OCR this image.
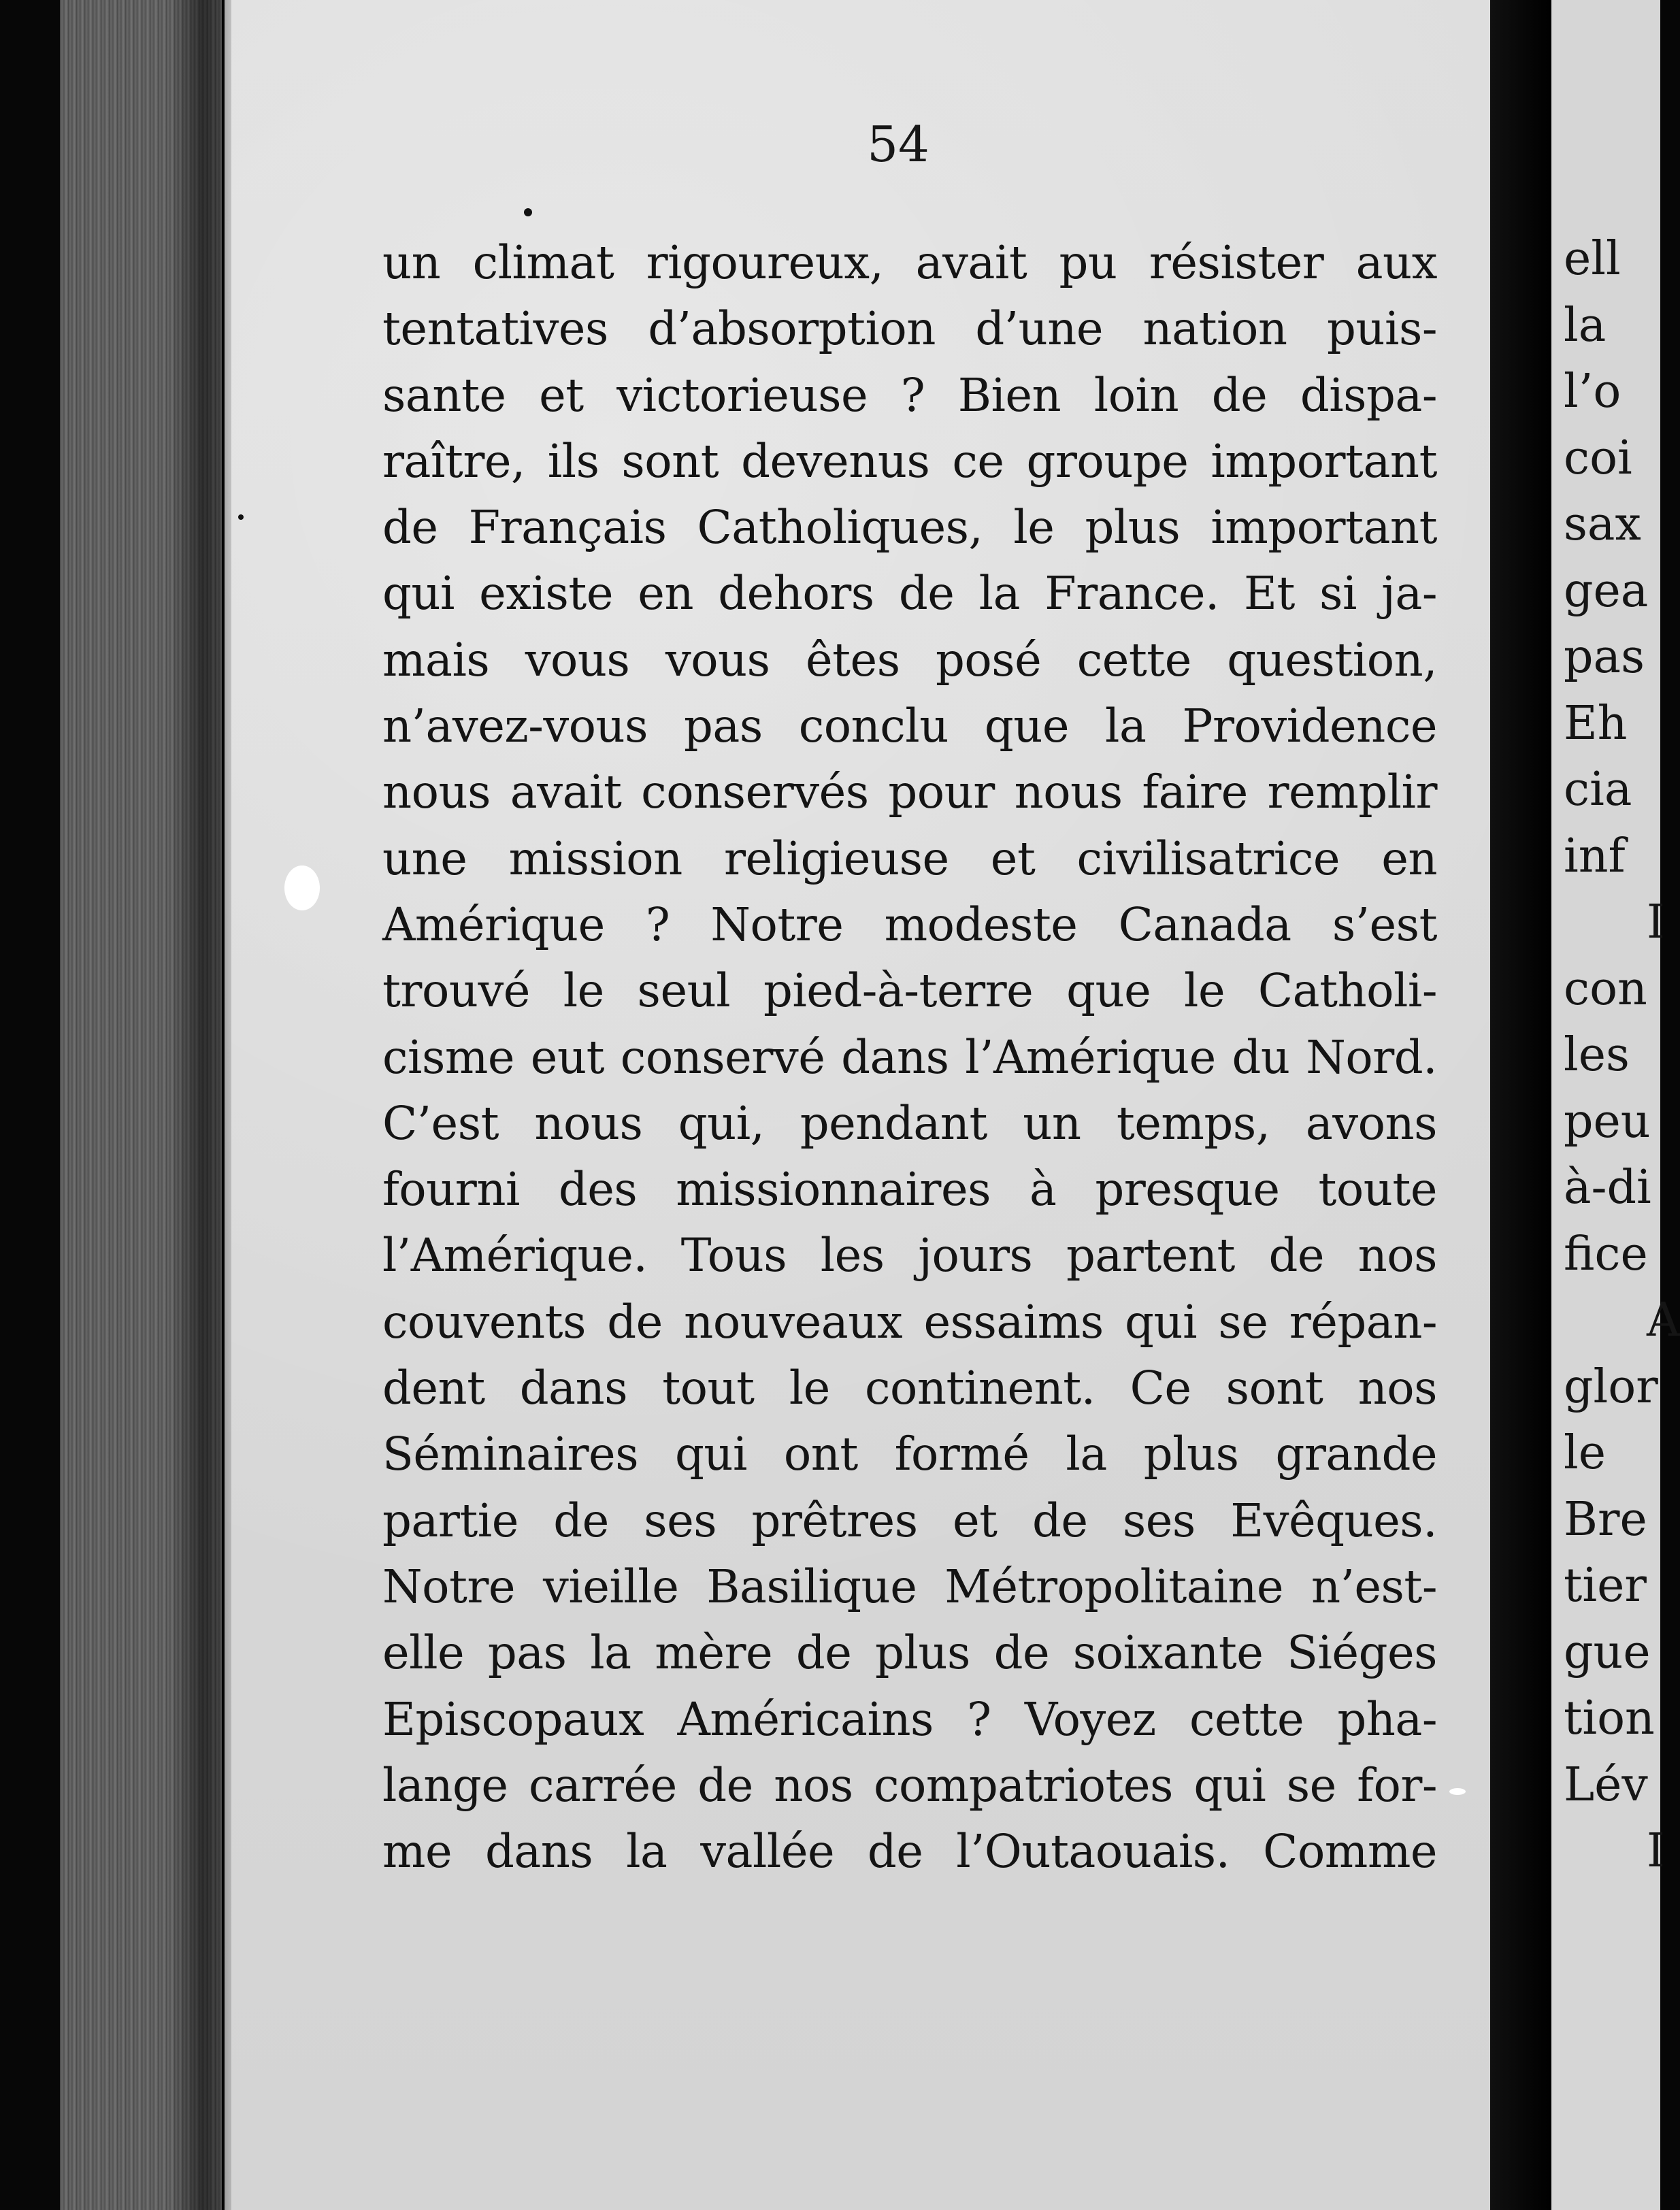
ell
la
l’o
coi
sax
gea
pas
Eh
cia
inf
I
con
les
peu
à-di
fice
A
glor
le
Bre
tier
gue
tion
Lév
I
54
un climat rigoureux, avait pu résister aux
tentatives d’absorption d’une nation puis-
sante et victorieuse ? Bien loin de dispa-
raître, ils sont devenus ce groupe important
de Français Catholiques, le plus important
qui existe en dehors de la France. Et si ja-
mais vous vous êtes posé cette question,
n’avez-vous pas conclu que la Providence
nous avait conservés pour nous faire remplir
une mission religieuse et civilisatrice en
Amérique ? Notre modeste Canada s’est
trouvé le seul pied-à-terre que le Catholi-
cisme eut conservé dans l’Amérique du Nord.
C’est nous qui, pendant un temps, avons
fourni des missionnaires à presque toute
l’Amérique. Tous les jours partent de nos
couvents de nouveaux essaims qui se répan-
dent dans tout le continent. Ce sont nos
Séminaires qui ont formé la plus grande
partie de ses prêtres et de ses Evêques.
Notre vieille Basilique Métropolitaine n’est-
elle pas la mère de plus de soixante Siéges
Episcopaux Américains ? Voyez cette pha-
lange carrée de nos compatriotes qui se for-
me dans la vallée de l’Outaouais. Comme
